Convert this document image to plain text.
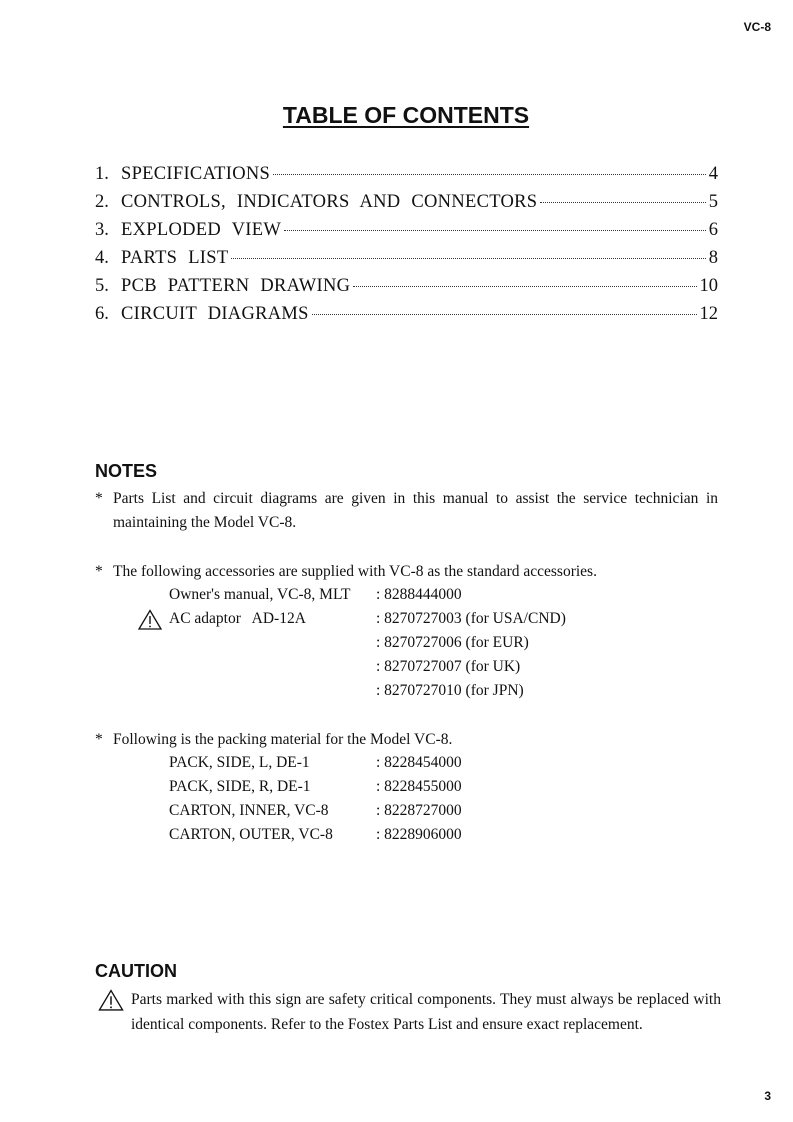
VC-8
TABLE OF CONTENTS
1. SPECIFICATIONS	4
2. CONTROLS, INDICATORS AND CONNECTORS	5
3. EXPLODED VIEW	6
4. PARTS LIST	8
5. PCB PATTERN DRAWING	10
6. CIRCUIT DIAGRAMS	12
NOTES
* Parts List and circuit diagrams are given in this manual to assist the service technician in maintaining the Model VC-8.
* The following accessories are supplied with VC-8 as the standard accessories.
Owner's manual, VC-8, MLT	: 8288444000
AC adaptor   AD-12A	: 8270727003 (for USA/CND)
: 8270727006 (for EUR)
: 8270727007 (for UK)
: 8270727010 (for JPN)
* Following is the packing material for the Model VC-8.
PACK, SIDE, L, DE-1	: 8228454000
PACK, SIDE, R, DE-1	: 8228455000
CARTON, INNER, VC-8	: 8228727000
CARTON, OUTER, VC-8	: 8228906000
CAUTION
Parts marked with this sign are safety critical components. They must always be replaced with identical components. Refer to the Fostex Parts List and ensure exact replacement.
3
